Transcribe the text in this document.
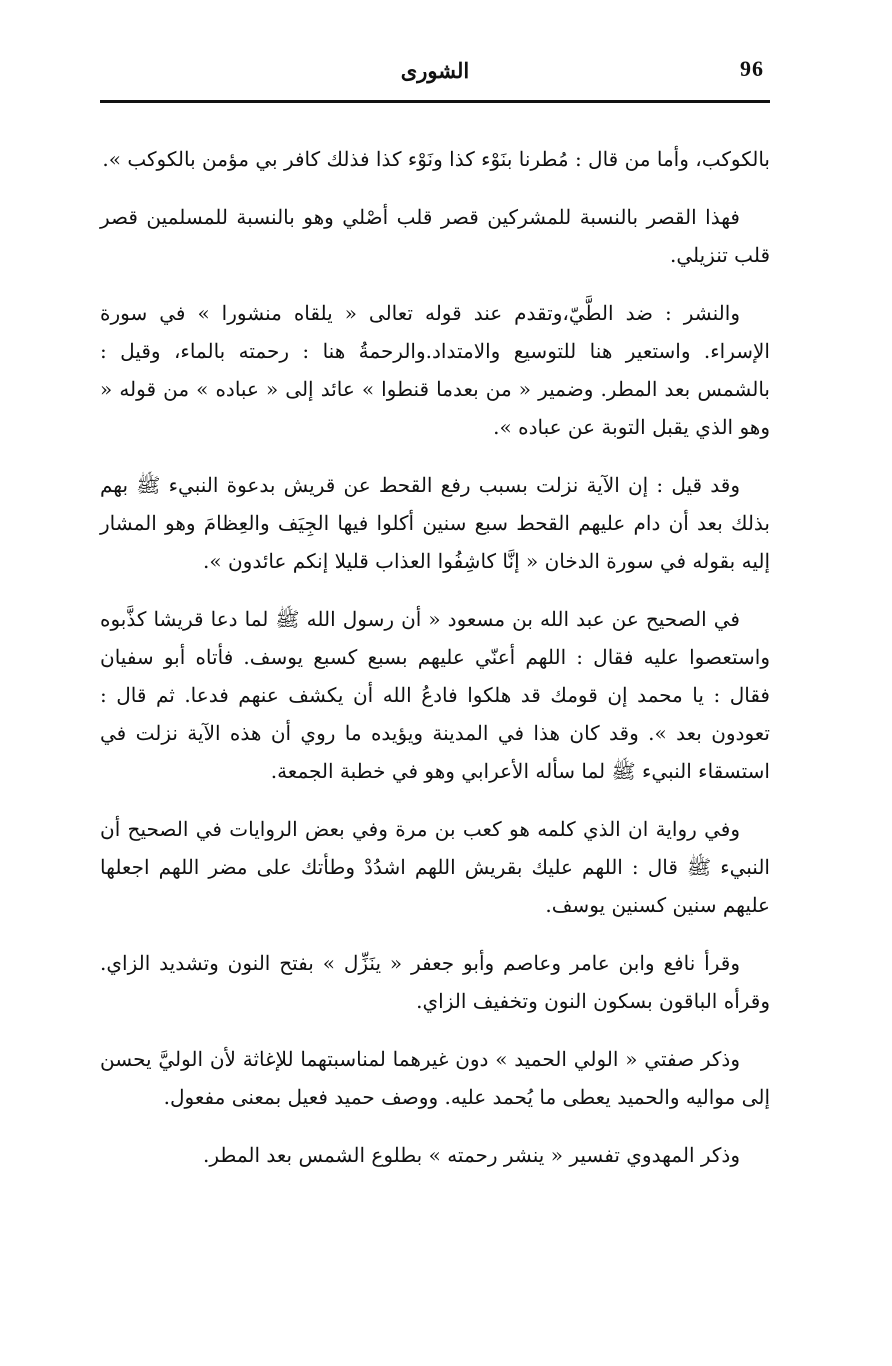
96
الشورى

بالكوكب، وأما من قال : مُطرنا بنَوْء كذا ونَوْء كذا فذلك كافر بي مؤمن بالكوكب ».

فهذا القصر بالنسبة للمشركين قصر قلب أصْلي وهو بالنسبة للمسلمين قصر قلب تنزيلي.

والنشر : ضد الطَّيّ،وتقدم عند قوله تعالى « يلقاه منشورا » في سورة الإسراء. واستعير هنا للتوسيع والامتداد.والرحمةُ هنا : رحمته بالماء، وقيل : بالشمس بعد المطر. وضمير « من بعدما قنطوا » عائد إلى « عباده » من قوله « وهو الذي يقبل التوبة عن عباده ».

وقد قيل : إن الآية نزلت بسبب رفع القحط عن قريش بدعوة النبيء ﷺ بهم بذلك بعد أن دام عليهم القحط سبع سنين أكلوا فيها الجِيَف والعِظامَ وهو المشار إليه بقوله في سورة الدخان « إنَّا كاشِفُوا العذاب قليلا إنكم عائدون ».

في الصحيح عن عبد الله بن مسعود « أن رسول الله ﷺ لما دعا قريشا كذَّبوه واستعصوا عليه فقال : اللهم أعنّي عليهم بسبع كسبع يوسف. فأتاه أبو سفيان فقال : يا محمد إن قومك قد هلكوا فادعُ الله أن يكشف عنهم فدعا. ثم قال : تعودون بعد ». وقد كان هذا في المدينة ويؤيده ما روي أن هذه الآية نزلت في استسقاء النبيء ﷺ لما سأله الأعرابي وهو في خطبة الجمعة.

وفي رواية ان الذي كلمه هو كعب بن مرة وفي بعض الروايات في الصحيح أن النبيء ﷺ قال : اللهم عليك بقريش اللهم اشدُدْ وطأتك على مضر اللهم اجعلها عليهم سنين كسنين يوسف.

وقرأ نافع وابن عامر وعاصم وأبو جعفر « ينَزِّل » بفتح النون وتشديد الزاي. وقرأه الباقون بسكون النون وتخفيف الزاي.

وذكر صفتي « الولي الحميد » دون غيرهما لمناسبتهما للإغاثة لأن الوليَّ يحسن إلى مواليه والحميد يعطى ما يُحمد عليه. ووصف حميد فعيل بمعنى مفعول.

وذكر المهدوي تفسير « ينشر رحمته » بطلوع الشمس بعد المطر.
